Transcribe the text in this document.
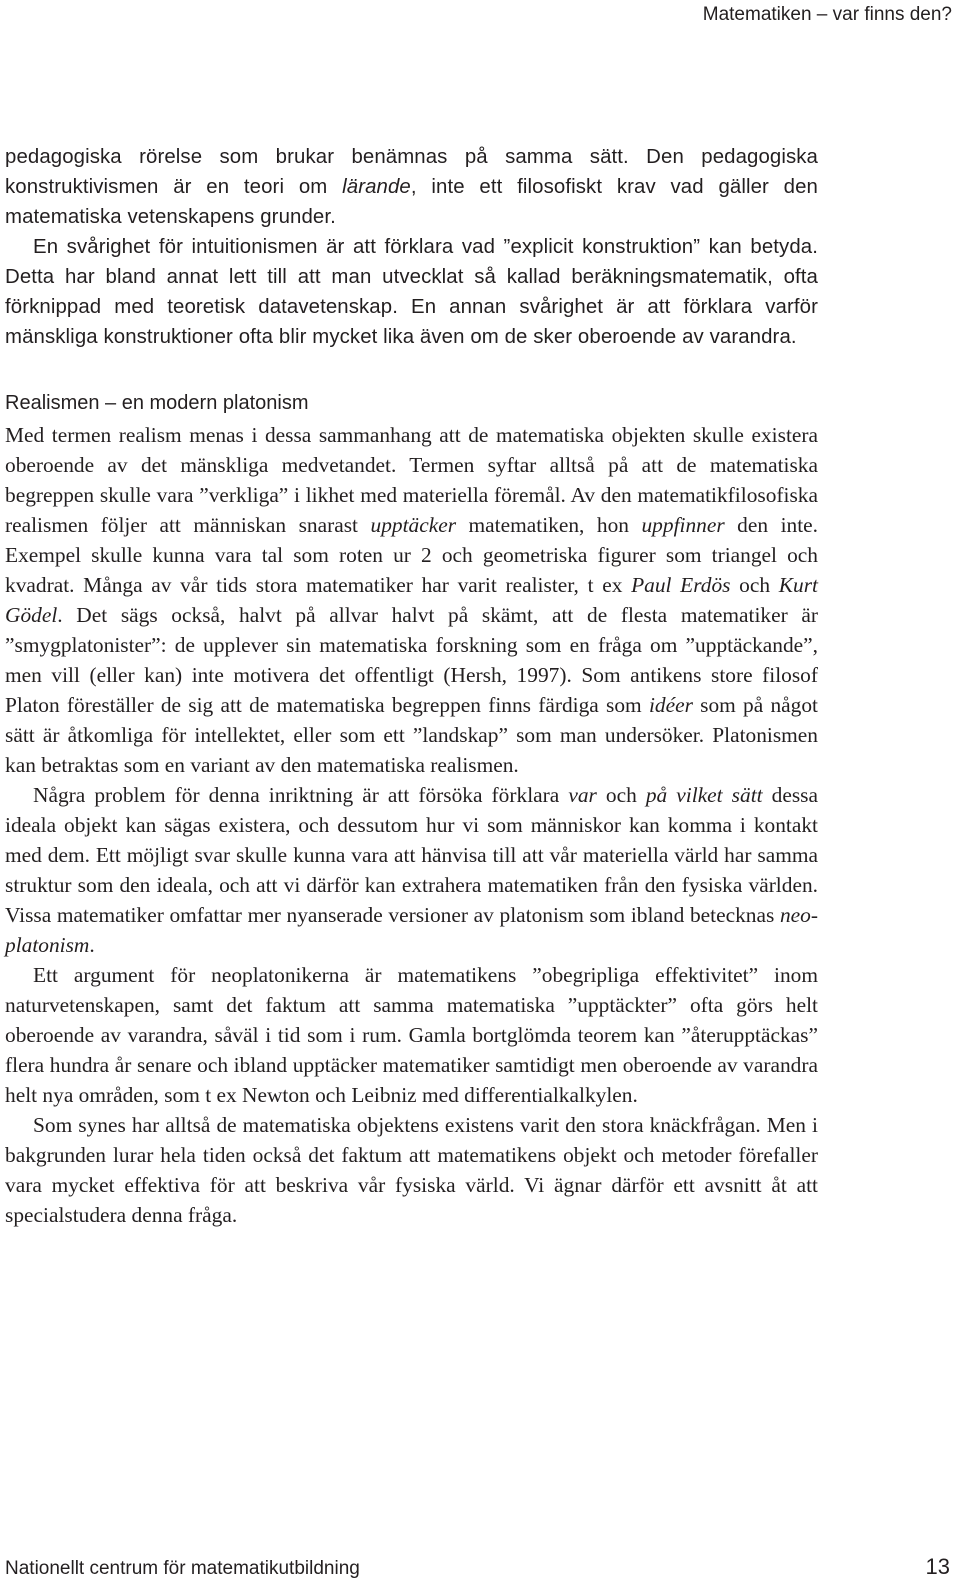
Matematiken – var finns den?

pedagogiska rörelse som brukar benämnas på samma sätt. Den pedagogiska konstruktivismen är en teori om lärande, inte ett filosofiskt krav vad gäller den matematiska vetenskapens grunder.

En svårighet för intuitionismen är att förklara vad ”explicit konstruktion” kan betyda. Detta har bland annat lett till att man utvecklat så kallad beräkningsmatematik, ofta förknippad med teoretisk datavetenskap. En annan svårighet är att förklara varför mänskliga konstruktioner ofta blir mycket lika även om de sker oberoende av varandra.

Realismen – en modern platonism

Med termen realism menas i dessa sammanhang att de matematiska objekten skulle existera oberoende av det mänskliga medvetandet. Termen syftar alltså på att de matematiska begreppen skulle vara ”verkliga” i likhet med materiella föremål. Av den matematikfilosofiska realismen följer att människan snarast upptäcker matematiken, hon uppfinner den inte. Exempel skulle kunna vara tal som roten ur 2 och geometriska figurer som triangel och kvadrat. Många av vår tids stora matematiker har varit realister, t ex Paul Erdös och Kurt Gödel. Det sägs också, halvt på allvar halvt på skämt, att de flesta matematiker är ”smygplatonister”: de upplever sin matematiska forskning som en fråga om ”upptäckande”, men vill (eller kan) inte motivera det offentligt (Hersh, 1997). Som antikens store filosof Platon föreställer de sig att de matematiska begreppen finns färdiga som idéer som på något sätt är åtkomliga för intellektet, eller som ett ”landskap” som man undersöker. Platonismen kan betraktas som en variant av den matematiska realismen.

Några problem för denna inriktning är att försöka förklara var och på vilket sätt dessa ideala objekt kan sägas existera, och dessutom hur vi som människor kan komma i kontakt med dem. Ett möjligt svar skulle kunna vara att hänvisa till att vår materiella värld har samma struktur som den ideala, och att vi därför kan extrahera matematiken från den fysiska världen. Vissa matematiker omfattar mer nyanserade versioner av platonism som ibland betecknas neo-platonism.

Ett argument för neoplatonikerna är matematikens ”obegripliga effektivitet” inom naturvetenskapen, samt det faktum att samma matematiska ”upptäckter” ofta görs helt oberoende av varandra, såväl i tid som i rum. Gamla bortglömda teorem kan ”återupptäckas” flera hundra år senare och ibland upptäcker matematiker samtidigt men oberoende av varandra helt nya områden, som t ex Newton och Leibniz med differentialkalkylen.

Som synes har alltså de matematiska objektens existens varit den stora knäckfrågan. Men i bakgrunden lurar hela tiden också det faktum att matematikens objekt och metoder förefaller vara mycket effektiva för att beskriva vår fysiska värld. Vi ägnar därför ett avsnitt åt att specialstudera denna fråga.

Nationellt centrum för matematikutbildning	13
